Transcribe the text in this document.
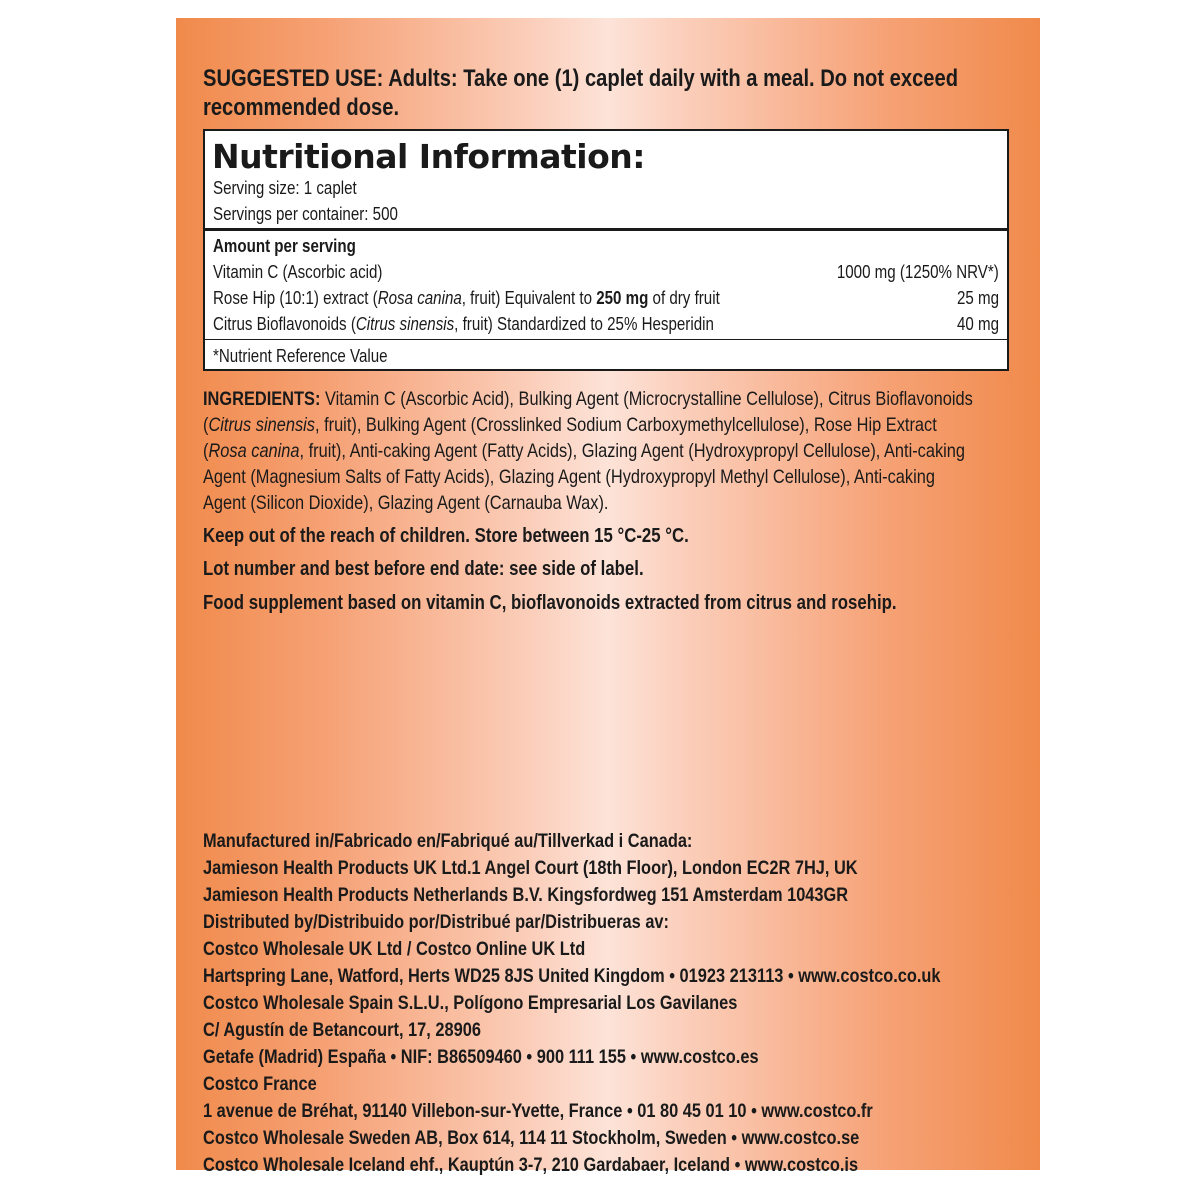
SUGGESTED USE: Adults: Take one (1) caplet daily with a meal. Do not exceed
recommended dose.
Nutritional Information:
Serving size: 1 caplet
Servings per container: 500
Amount per serving
Vitamin C (Ascorbic acid)	1000 mg (1250% NRV*)
Rose Hip (10:1) extract (Rosa canina, fruit) Equivalent to 250 mg of dry fruit	25 mg
Citrus Bioflavonoids (Citrus sinensis, fruit) Standardized to 25% Hesperidin	40 mg
*Nutrient Reference Value
INGREDIENTS: Vitamin C (Ascorbic Acid), Bulking Agent (Microcrystalline Cellulose), Citrus Bioflavonoids
(Citrus sinensis, fruit), Bulking Agent (Crosslinked Sodium Carboxymethylcellulose), Rose Hip Extract
(Rosa canina, fruit), Anti-caking Agent (Fatty Acids), Glazing Agent (Hydroxypropyl Cellulose), Anti-caking
Agent (Magnesium Salts of Fatty Acids), Glazing Agent (Hydroxypropyl Methyl Cellulose), Anti-caking
Agent (Silicon Dioxide), Glazing Agent (Carnauba Wax).
Keep out of the reach of children. Store between 15 °C-25 °C.
Lot number and best before end date: see side of label.
Food supplement based on vitamin C, bioflavonoids extracted from citrus and rosehip.
Manufactured in/Fabricado en/Fabriqué au/Tillverkad i Canada:
Jamieson Health Products UK Ltd.1 Angel Court (18th Floor), London EC2R 7HJ, UK
Jamieson Health Products Netherlands B.V. Kingsfordweg 151 Amsterdam 1043GR
Distributed by/Distribuido por/Distribué par/Distribueras av:
Costco Wholesale UK Ltd / Costco Online UK Ltd
Hartspring Lane, Watford, Herts WD25 8JS United Kingdom • 01923 213113 • www.costco.co.uk
Costco Wholesale Spain S.L.U., Polígono Empresarial Los Gavilanes
C/ Agustín de Betancourt, 17, 28906
Getafe (Madrid) España • NIF: B86509460 • 900 111 155 • www.costco.es
Costco France
1 avenue de Bréhat, 91140 Villebon-sur-Yvette, France • 01 80 45 01 10 • www.costco.fr
Costco Wholesale Sweden AB, Box 614, 114 11 Stockholm, Sweden • www.costco.se
Costco Wholesale Iceland ehf., Kauptún 3-7, 210 Gardabaer, Iceland • www.costco.is
